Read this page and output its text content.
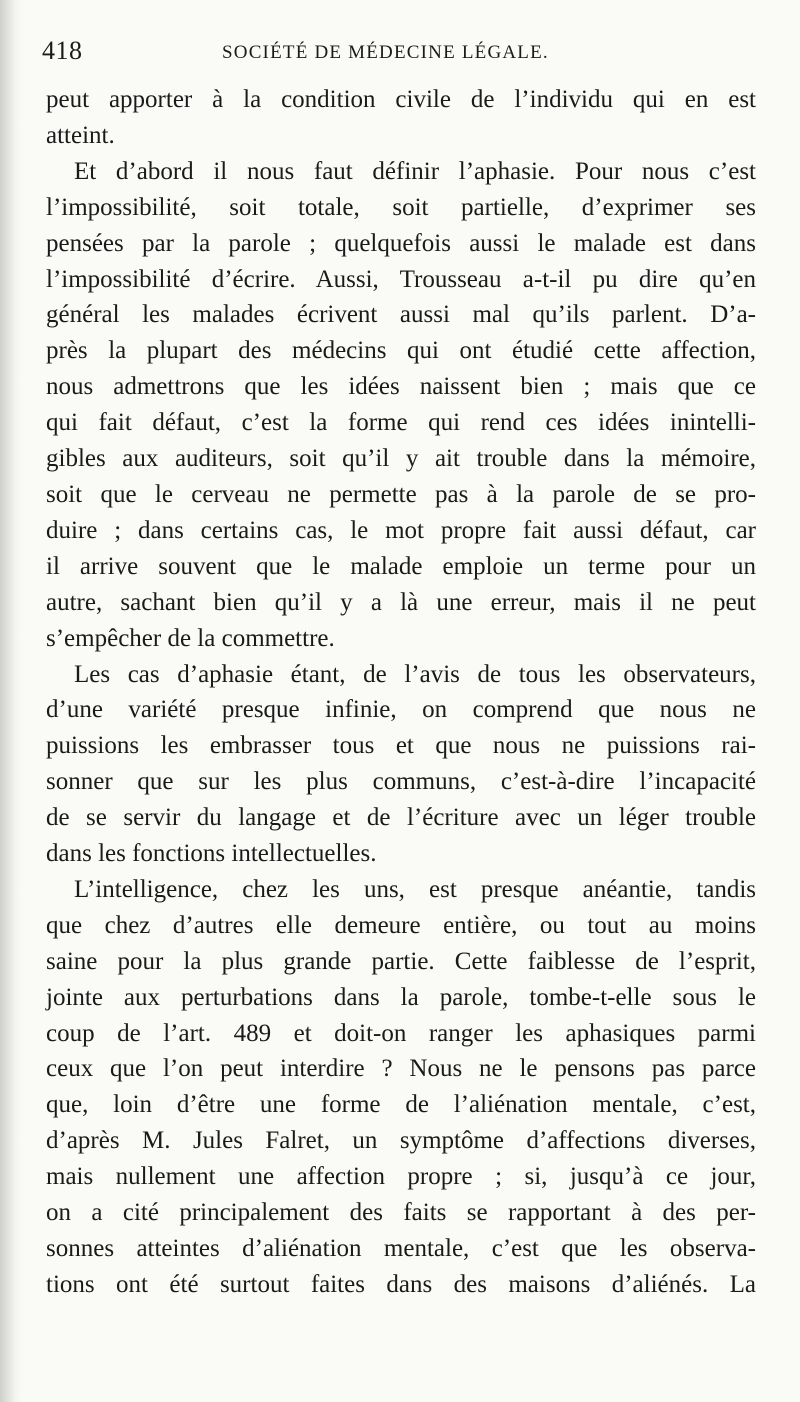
418	SOCIÉTÉ DE MÉDECINE LÉGALE.
peut apporter à la condition civile de l’individu qui en est
atteint.
Et d’abord il nous faut définir l’aphasie. Pour nous c’est
l’impossibilité, soit totale, soit partielle, d’exprimer ses
pensées par la parole ; quelquefois aussi le malade est dans
l’impossibilité d’écrire. Aussi, Trousseau a-t-il pu dire qu’en
général les malades écrivent aussi mal qu’ils parlent. D’a-
près la plupart des médecins qui ont étudié cette affection,
nous admettrons que les idées naissent bien ; mais que ce
qui fait défaut, c’est la forme qui rend ces idées inintelli-
gibles aux auditeurs, soit qu’il y ait trouble dans la mémoire,
soit que le cerveau ne permette pas à la parole de se pro-
duire ; dans certains cas, le mot propre fait aussi défaut, car
il arrive souvent que le malade emploie un terme pour un
autre, sachant bien qu’il y a là une erreur, mais il ne peut
s’empêcher de la commettre.
Les cas d’aphasie étant, de l’avis de tous les observateurs,
d’une variété presque infinie, on comprend que nous ne
puissions les embrasser tous et que nous ne puissions rai-
sonner que sur les plus communs, c’est-à-dire l’incapacité
de se servir du langage et de l’écriture avec un léger trouble
dans les fonctions intellectuelles.
L’intelligence, chez les uns, est presque anéantie, tandis
que chez d’autres elle demeure entière, ou tout au moins
saine pour la plus grande partie. Cette faiblesse de l’esprit,
jointe aux perturbations dans la parole, tombe-t-elle sous le
coup de l’art. 489 et doit-on ranger les aphasiques parmi
ceux que l’on peut interdire ? Nous ne le pensons pas parce
que, loin d’être une forme de l’aliénation mentale, c’est,
d’après M. Jules Falret, un symptôme d’affections diverses,
mais nullement une affection propre ; si, jusqu’à ce jour,
on a cité principalement des faits se rapportant à des per-
sonnes atteintes d’aliénation mentale, c’est que les observa-
tions ont été surtout faites dans des maisons d’aliénés. La
